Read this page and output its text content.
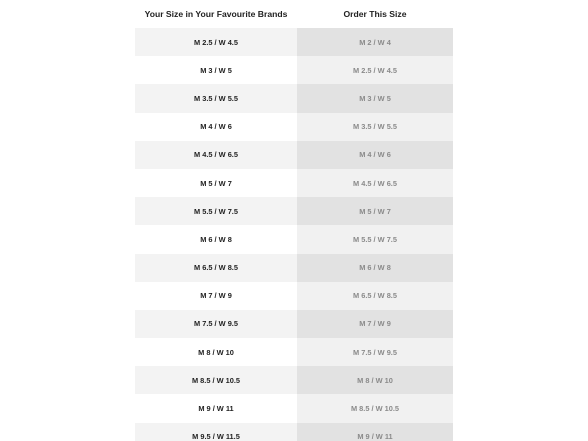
Your Size in Your Favourite Brands	Order This Size
M 2.5 / W 4.5	M 2 / W 4
M 3 / W 5	M 2.5 / W 4.5
M 3.5 / W 5.5	M 3 / W 5
M 4 / W 6	M 3.5 / W 5.5
M 4.5 / W 6.5	M 4 / W 6
M 5 / W 7	M 4.5 / W 6.5
M 5.5 / W 7.5	M 5 / W 7
M 6 / W 8	M 5.5 / W 7.5
M 6.5 / W 8.5	M 6 / W 8
M 7 / W 9	M 6.5 / W 8.5
M 7.5 / W 9.5	M 7 / W 9
M 8 / W 10	M 7.5 / W 9.5
M 8.5 / W 10.5	M 8 / W 10
M 9 / W 11	M 8.5 / W 10.5
M 9.5 / W 11.5	M 9 / W 11
